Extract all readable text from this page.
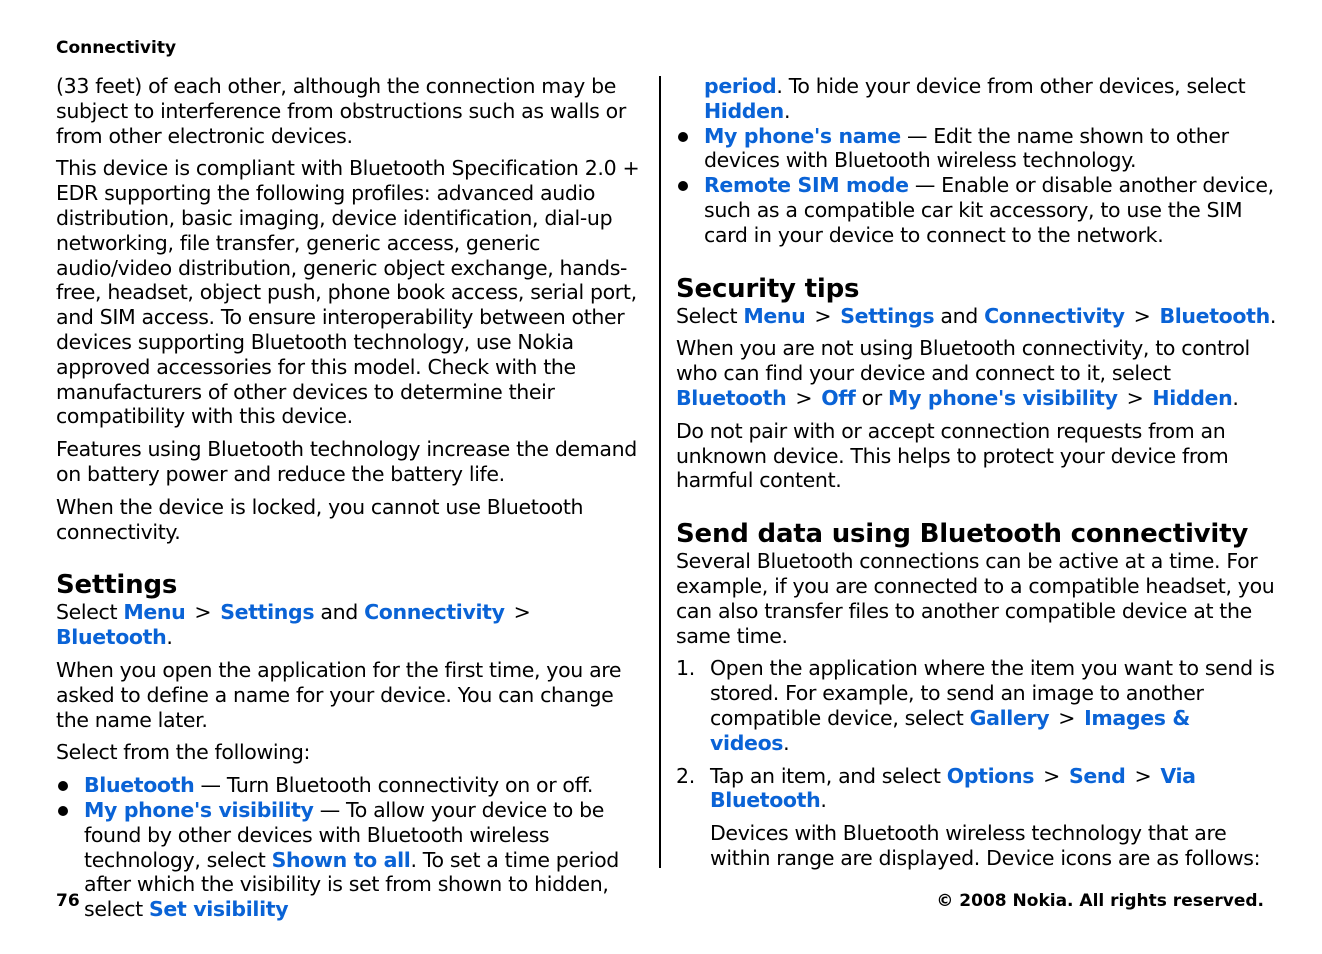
Connectivity

(33 feet) of each other, although the connection may be subject to interference from obstructions such as walls or from other electronic devices.

This device is compliant with Bluetooth Specification 2.0 + EDR supporting the following profiles: advanced audio distribution, basic imaging, device identification, dial-up networking, file transfer, generic access, generic audio/video distribution, generic object exchange, hands-free, headset, object push, phone book access, serial port, and SIM access. To ensure interoperability between other devices supporting Bluetooth technology, use Nokia approved accessories for this model. Check with the manufacturers of other devices to determine their compatibility with this device.

Features using Bluetooth technology increase the demand on battery power and reduce the battery life.

When the device is locked, you cannot use Bluetooth connectivity.

Settings

Select Menu > Settings and Connectivity >Bluetooth.

When you open the application for the first time, you are asked to define a name for your device. You can change the name later.

Select from the following:

Bluetooth — Turn Bluetooth connectivity on or off.
My phone's visibility — To allow your device to be found by other devices with Bluetooth wireless technology, select Shown to all. To set a time period after which the visibility is set from shown to hidden, select Set visibility
period. To hide your device from other devices, select Hidden.
My phone's name — Edit the name shown to other devices with Bluetooth wireless technology.
Remote SIM mode — Enable or disable another device, such as a compatible car kit accessory, to use the SIM card in your device to connect to the network.
Security tips

Select Menu > Settings and Connectivity > Bluetooth.

When you are not using Bluetooth connectivity, to control who can find your device and connect to it, select Bluetooth > Off or My phone's visibility > Hidden.

Do not pair with or accept connection requests from an unknown device. This helps to protect your device from harmful content.

Send data using Bluetooth connectivity

Several Bluetooth connections can be active at a time. For example, if you are connected to a compatible headset, you can also transfer files to another compatible device at the same time.

1. Open the application where the item you want to send is stored. For example, to send an image to another compatible device, select Gallery > Images & videos.
2. Tap an item, and select Options > Send > Via Bluetooth.

Devices with Bluetooth wireless technology that are within range are displayed. Device icons are as follows:

76	© 2008 Nokia. All rights reserved.
